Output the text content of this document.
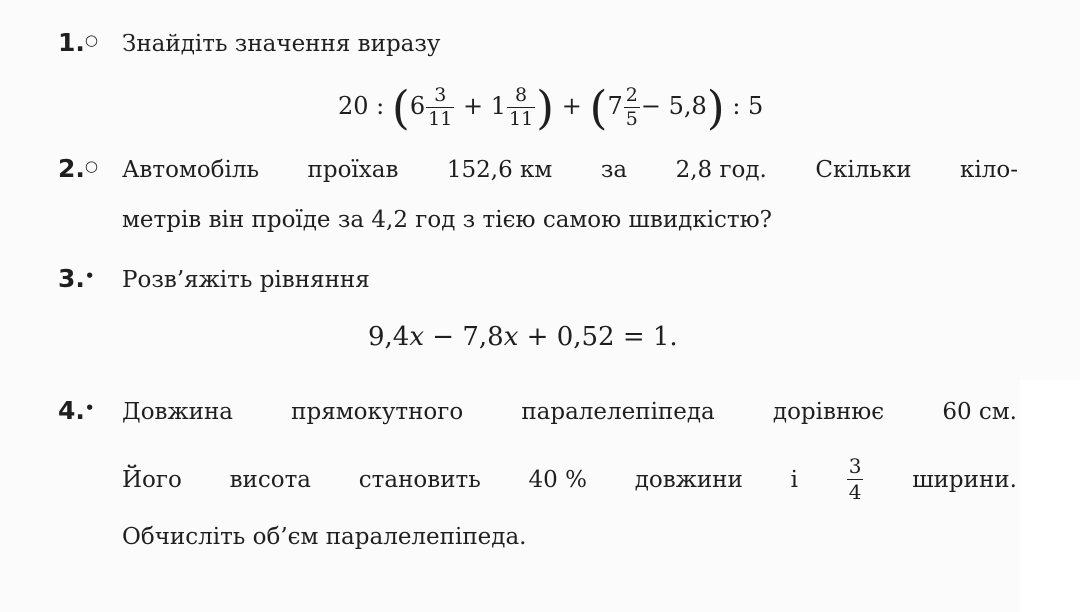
1.○	Знайдіть значення виразу
20 : ($6 \frac{3}{11} + 1 \frac{8}{11}$ ) + $(7 \frac{2}{5} - 5,8)$ : 5
2.○	Автомобіль проїхав 152,6 км за 2,8 год. Скільки кіло-
метрів він проїде за 4,2 год з тією самою швидкістю?
3.•	Розв’яжіть рівняння
9,4x − 7,8x + 0,52 = 1.
4.•	Довжина	прямокутного	паралелепіпеда	дорівнює	60 см.
Його висота становить 40 % довжини і $\frac{3}{4}$ ширини.
Обчисліть об’єм паралелепіпеда.
